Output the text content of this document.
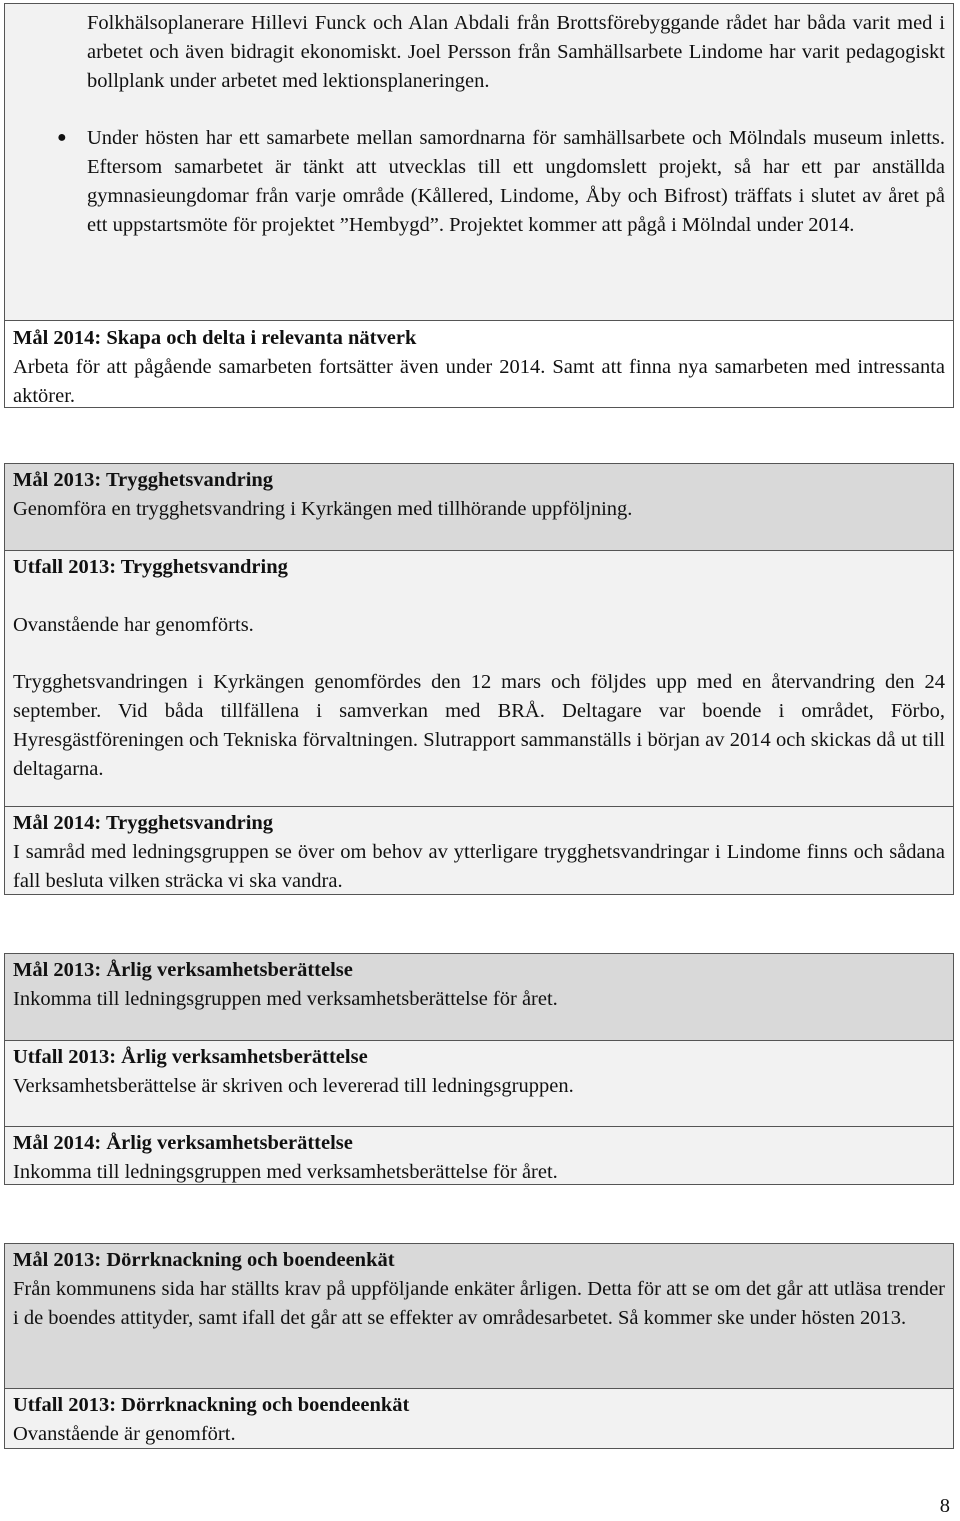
Folkhälsoplanerare Hillevi Funck och Alan Abdali från Brottsförebyggande rådet har båda varit med i arbetet och även bidragit ekonomiskt. Joel Persson från Samhällsarbete Lindome har varit pedagogiskt bollplank under arbetet med lektionsplaneringen.

● Under hösten har ett samarbete mellan samordnarna för samhällsarbete och Mölndals museum inletts. Eftersom samarbetet är tänkt att utvecklas till ett ungdomslett projekt, så har ett par anställda gymnasieungdomar från varje område (Kållered, Lindome, Åby och Bifrost) träffats i slutet av året på ett uppstartsmöte för projektet ”Hembygd”. Projektet kommer att pågå i Mölndal under 2014.

Mål 2014: Skapa och delta i relevanta nätverk

Arbeta för att pågående samarbeten fortsätter även under 2014. Samt att finna nya samarbeten med intressanta aktörer.

Mål 2013: Trygghetsvandring

Genomföra en trygghetsvandring i Kyrkängen med tillhörande uppföljning.

Utfall 2013: Trygghetsvandring

Ovanstående har genomförts.

Trygghetsvandringen i Kyrkängen genomfördes den 12 mars och följdes upp med en återvandring den 24 september. Vid båda tillfällena i samverkan med BRÅ. Deltagare var boende i området, Förbo, Hyresgästföreningen och Tekniska förvaltningen. Slutrapport sammanställs i början av 2014 och skickas då ut till deltagarna.

Mål 2014: Trygghetsvandring

I samråd med ledningsgruppen se över om behov av ytterligare trygghetsvandringar i Lindome finns och sådana fall besluta vilken sträcka vi ska vandra.

Mål 2013: Årlig verksamhetsberättelse

Inkomma till ledningsgruppen med verksamhetsberättelse för året.

Utfall 2013: Årlig verksamhetsberättelse

Verksamhetsberättelse är skriven och levererad till ledningsgruppen.

Mål 2014: Årlig verksamhetsberättelse

Inkomma till ledningsgruppen med verksamhetsberättelse för året.

Mål 2013: Dörrknackning och boendeenkät

Från kommunens sida har ställts krav på uppföljande enkäter årligen. Detta för att se om det går att utläsa trender i de boendes attityder, samt ifall det går att se effekter av områdesarbetet. Så kommer ske under hösten 2013.

Utfall 2013: Dörrknackning och boendeenkät

Ovanstående är genomfört.

8
